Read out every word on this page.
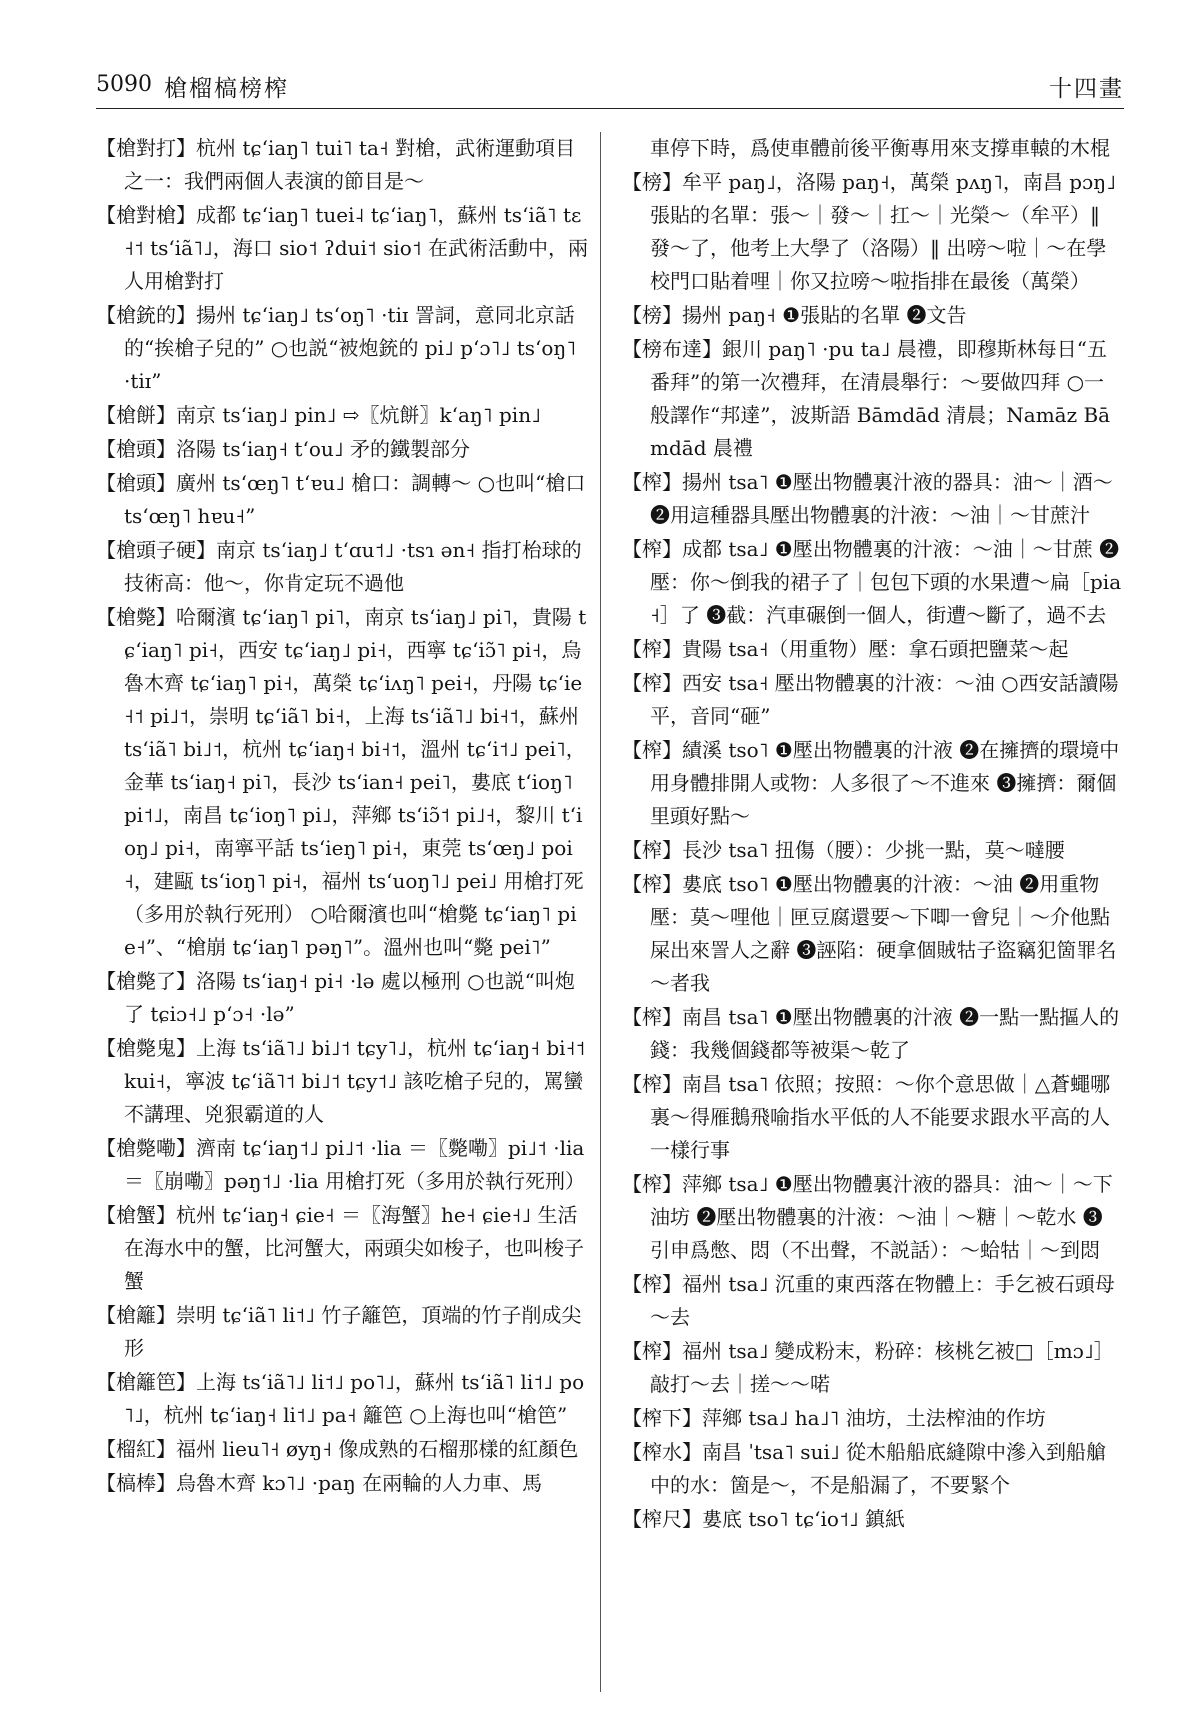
5090 槍榴槁榜榨	十四畫
【槍對打】杭州 tɕʻiaŋ˥ tui˥ ta˧ 對槍，武術運動項目之一：我們兩個人表演的節目是～
【槍對槍】成都 tɕʻiaŋ˥ tuei˨ tɕʻiaŋ˥，蘇州 tsʻiã˥ tɛ˧˦ tsʻiã˥˩，海口 sio˦ ʔdui˦ sio˦ 在武術活動中，兩人用槍對打
【槍銃的】揚州 tɕʻiaŋ˩ tsʻoŋ˥ ·tiɪ 詈詞，意同北京話的“挨槍子兒的” ○也説“被炮銃的 pi˩ pʻɔ˥˩ tsʻoŋ˥ ·tiɪ”
【槍餅】南京 tsʻiaŋ˩ pin˩ ⇨〖炕餅〗kʻaŋ˥ pin˩
【槍頭】洛陽 tsʻiaŋ˧ tʻou˩ 矛的鐵製部分
【槍頭】廣州 tsʻœŋ˥ tʻɐu˩ 槍口：調轉～ ○也叫“槍口 tsʻœŋ˥ hɐu˧”
【槍頭子硬】南京 tsʻiaŋ˩ tʻɑu˦˩ ·tsɿ ən˧ 指打枱球的技術高：他～，你肯定玩不過他
【槍斃】哈爾濱 tɕʻiaŋ˥ pi˥，南京 tsʻiaŋ˩ pi˥，貴陽 tɕʻiaŋ˥ pi˧，西安 tɕʻiaŋ˩ pi˧，西寧 tɕʻiɔ̃˥ pi˧，烏魯木齊 tɕʻiaŋ˥ pi˧，萬榮 tɕʻiʌŋ˥ pei˧，丹陽 tɕʻie˧˦ pi˩˦，崇明 tɕʻiã˥ bi˧，上海 tsʻiã˥˩ bi˧˦，蘇州 tsʻiã˥ bi˩˦，杭州 tɕʻiaŋ˧ bi˧˦，溫州 tɕʻi˦˩ pei˥，金華 tsʻiaŋ˧ pi˥，長沙 tsʻian˧ pei˥，婁底 tʻioŋ˥ pi˦˩，南昌 tɕʻioŋ˥ pi˩，萍鄉 tsʻiɔ̃˦ pi˩˧，黎川 tʻioŋ˩ pi˧，南寧平話 tsʻieŋ˥ pi˧，東莞 tsʻœŋ˩ poi˧，建甌 tsʻioŋ˥ pi˧，福州 tsʻuoŋ˥˩ pei˩ 用槍打死（多用於執行死刑） ○哈爾濱也叫“槍斃 tɕʻiaŋ˥ pie˧”、“槍崩 tɕʻiaŋ˥ pəŋ˥”。溫州也叫“斃 pei˥”
【槍斃了】洛陽 tsʻiaŋ˧ pi˧ ·lə 處以極刑 ○也説“叫炮了 tɕiɔ˧˩ pʻɔ˧ ·lə”
【槍斃鬼】上海 tsʻiã˥˩ bi˩˦ tɕy˥˩，杭州 tɕʻiaŋ˧ bi˧˦ kui˧，寧波 tɕʻiã˥˦ bi˩˦ tɕy˦˩ 該吃槍子兒的，罵蠻不講理、兇狠霸道的人
【槍斃嘞】濟南 tɕʻiaŋ˦˩ pi˩˦ ·lia ＝〖斃嘞〗pi˩˦ ·lia ＝〖崩嘞〗pəŋ˦˩ ·lia 用槍打死（多用於執行死刑）
【槍蟹】杭州 tɕʻiaŋ˧ ɕie˧ ＝〖海蟹〗he˧ ɕie˧˩ 生活在海水中的蟹，比河蟹大，兩頭尖如梭子，也叫梭子蟹
【槍籬】崇明 tɕʻiã˥ li˦˩ 竹子籬笆，頂端的竹子削成尖形
【槍籬笆】上海 tsʻiã˥˩ li˦˩ po˥˩，蘇州 tsʻiã˥ li˦˩ po˥˩，杭州 tɕʻiaŋ˧ li˦˩ pa˧ 籬笆 ○上海也叫“槍笆”
【榴紅】福州 lieu˥˧ øyŋ˧ 像成熟的石榴那樣的紅顏色
【槁棒】烏魯木齊 kɔ˥˩ ·paŋ 在兩輪的人力車、馬
車停下時，爲使車體前後平衡專用來支撐車轅的木棍
【榜】牟平 paŋ˩，洛陽 paŋ˧，萬榮 pʌŋ˥，南昌 pɔŋ˩ 張貼的名單：張～｜發～｜扛～｜光榮～（牟平）‖ 發～了，他考上大學了（洛陽）‖ 出嗙～啦｜～在學校門口貼着哩｜你又拉嗙～啦指排在最後（萬榮）
【榜】揚州 paŋ˧ ❶張貼的名單 ❷文告
【榜布達】銀川 paŋ˥ ·pu ta˩ 晨禮，即穆斯林每日“五番拜”的第一次禮拜，在清晨舉行：～要做四拜 ○一般譯作“邦達”，波斯語 Bāmdād 清晨；Namāz Bāmdād 晨禮
【榨】揚州 tsa˥ ❶壓出物體裏汁液的器具：油～｜酒～ ❷用這種器具壓出物體裏的汁液：～油｜～甘蔗汁
【榨】成都 tsa˩ ❶壓出物體裏的汁液：～油｜～甘蔗 ❷壓：你～倒我的裙子了｜包包下頭的水果遭～扁［pia˧］了 ❸截：汽車碾倒一個人，街遭～斷了，過不去
【榨】貴陽 tsa˧（用重物）壓：拿石頭把鹽菜～起
【榨】西安 tsa˧ 壓出物體裏的汁液：～油 ○西安話讀陽平，音同“砸”
【榨】績溪 tso˥ ❶壓出物體裏的汁液 ❷在擁擠的環境中用身體排開人或物：人多很了～不進來 ❸擁擠：爾個里頭好點～
【榨】長沙 tsa˥ 扭傷（腰）：少挑一點，莫～噠腰
【榨】婁底 tso˥ ❶壓出物體裏的汁液：～油 ❷用重物壓：莫～哩他｜匣豆腐還要～下唧一會兒｜～介他點屎出來詈人之辭 ❸誣陷：硬拿個賊牯子盜竊犯箇罪名～者我
【榨】南昌 tsa˥ ❶壓出物體裏的汁液 ❷一點一點摳人的錢：我幾個錢都等被渠～乾了
【榨】南昌 tsa˥ 依照；按照：～你个意思做｜△蒼蠅哪裏～得雁鵝飛喻指水平低的人不能要求跟水平高的人一樣行事
【榨】萍鄉 tsa˩ ❶壓出物體裏汁液的器具：油～｜～下油坊 ❷壓出物體裏的汁液：～油｜～糖｜～乾水 ❸引申爲憋、悶（不出聲，不説話）：～蛤牯｜～到悶
【榨】福州 tsa˩ 沉重的東西落在物體上：手乞被石頭母～去
【榨】福州 tsa˩ 變成粉末，粉碎：核桃乞被□［mɔ˩］敲打～去｜搓～～喏
【榨下】萍鄉 tsa˩ ha˩˥ 油坊，土法榨油的作坊
【榨水】南昌 ˈtsa˥ sui˩ 從木船船底縫隙中滲入到船艙中的水：箇是～，不是船漏了，不要緊个
【榨尺】婁底 tso˥ tɕʻio˦˩ 鎮紙
